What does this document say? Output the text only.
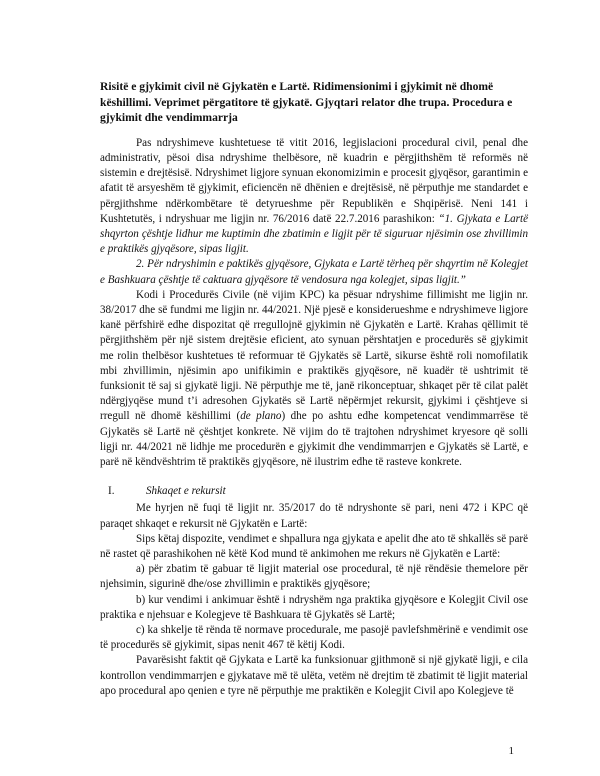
Risitë e gjykimit civil në Gjykatën e Lartë. Ridimensionimi i gjykimit në dhomë këshillimi. Veprimet përgatitore të gjykatë. Gjyqtari relator dhe trupa. Procedura e gjykimit dhe vendimmarrja

Pas ndryshimeve kushtetuese të vitit 2016, legjislacioni procedural civil, penal dhe administrativ, pësoi disa ndryshime thelbësore, në kuadrin e përgjithshëm të reformës në sistemin e drejtësisë. Ndryshimet ligjore synuan ekonomizimin e procesit gjyqësor, garantimin e afatit të arsyeshëm të gjykimit, eficiencën në dhënien e drejtësisë, në përputhje me standardet e përgjithshme ndërkombëtare të detyrueshme për Republikën e Shqipërisë. Neni 141 i Kushtetutës, i ndryshuar me ligjin nr. 76/2016 datë 22.7.2016 parashikon: “1. Gjykata e Lartë shqyrton çështje lidhur me kuptimin dhe zbatimin e ligjit për të siguruar njësimin ose zhvillimin e praktikës gjyqësore, sipas ligjit.

2. Për ndryshimin e paktikës gjyqësore, Gjykata e Lartë tërheq për shqyrtim në Kolegjet e Bashkuara çështje të caktuara gjyqësore të vendosura nga kolegjet, sipas ligjit.”

Kodi i Procedurës Civile (në vijim KPC) ka pësuar ndryshime fillimisht me ligjin nr. 38/2017 dhe së fundmi me ligjin nr. 44/2021. Një pjesë e konsiderueshme e ndryshimeve ligjore kanë përfshirë edhe dispozitat që rregullojnë gjykimin në Gjykatën e Lartë. Krahas qëllimit të përgjithshëm për një sistem drejtësie eficient, ato synuan përshtatjen e procedurës së gjykimit me rolin thelbësor kushtetues të reformuar të Gjykatës së Lartë, sikurse është roli nomofilatik mbi zhvillimin, njësimin apo unifikimin e praktikës gjyqësore, në kuadër të ushtrimit të funksionit të saj si gjykatë ligji. Në përputhje me të, janë rikonceptuar, shkaqet për të cilat palët ndërgjyqëse mund t’i adresohen Gjykatës së Lartë nëpërmjet rekursit, gjykimi i çështjeve si rregull në dhomë këshillimi (de plano) dhe po ashtu edhe kompetencat vendimmarrëse të Gjykatës së Lartë në çështjet konkrete. Në vijim do të trajtohen ndryshimet kryesore që solli ligji nr. 44/2021 në lidhje me procedurën e gjykimit dhe vendimmarrjen e Gjykatës së Lartë, e parë në këndvështrim të praktikës gjyqësore, në ilustrim edhe të rasteve konkrete.

I.	Shkaqet e rekursit

Me hyrjen në fuqi të ligjit nr. 35/2017 do të ndryshonte së pari, neni 472 i KPC që paraqet shkaqet e rekursit në Gjykatën e Lartë:

Sips këtaj dispozite, vendimet e shpallura nga gjykata e apelit dhe ato të shkallës së parë në rastet që parashikohen në këtë Kod mund të ankimohen me rekurs në Gjykatën e Lartë:

a) për zbatim të gabuar të ligjit material ose procedural, të një rëndësie themelore për njehsimin, sigurinë dhe/ose zhvillimin e praktikës gjyqësore;

b) kur vendimi i ankimuar është i ndryshëm nga praktika gjyqësore e Kolegjit Civil ose praktika e njehsuar e Kolegjeve të Bashkuara të Gjykatës së Lartë;

c) ka shkelje të rënda të normave procedurale, me pasojë pavlefshmërinë e vendimit ose të procedurës së gjykimit, sipas nenit 467 të këtij Kodi.

Pavarësisht faktit që Gjykata e Lartë ka funksionuar gjithmonë si një gjykatë ligji, e cila kontrollon vendimmarrjen e gjykatave më të ulëta, vetëm në drejtim të zbatimit të ligjit material apo procedural apo qenien e tyre në përputhje me praktikën e Kolegjit Civil apo Kolegjeve të

1
